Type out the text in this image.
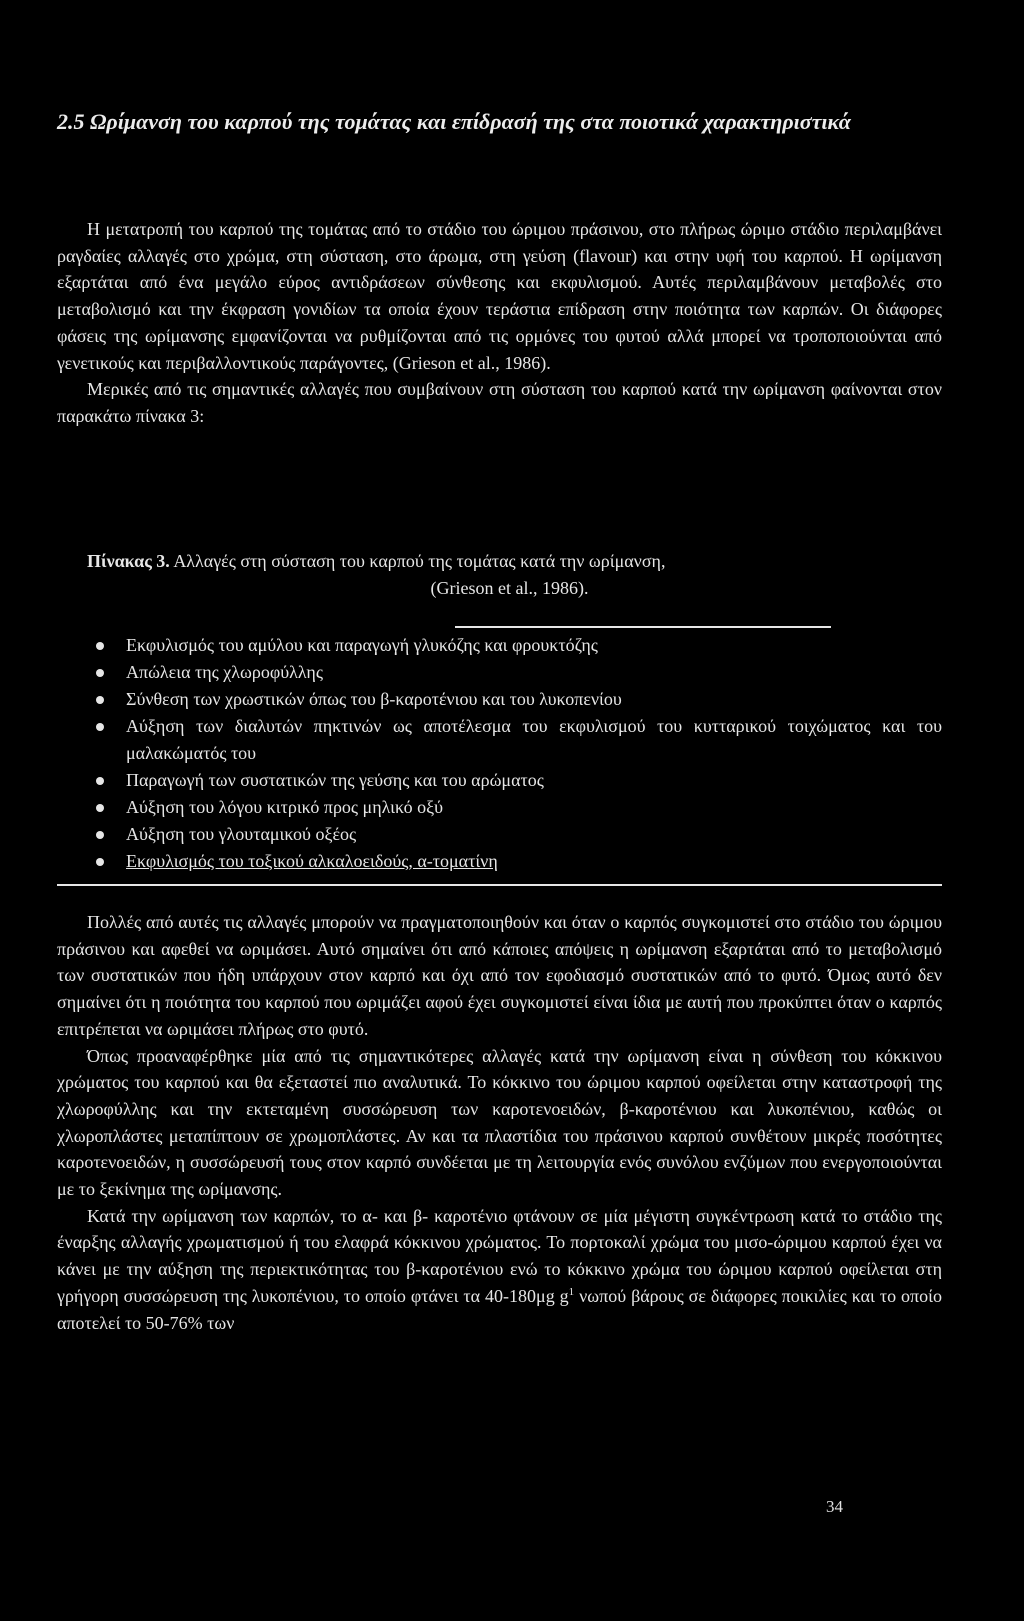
2.5 Ωρίμανση του καρπού της τομάτας και επίδρασή της στα ποιοτικά χαρακτηριστικά

Η μετατροπή του καρπού της τομάτας από το στάδιο του ώριμου πράσινου, στο πλήρως ώριμο στάδιο περιλαμβάνει ραγδαίες αλλαγές στο χρώμα, στη σύσταση, στο άρωμα, στη γεύση (flavour) και στην υφή του καρπού. Η ωρίμανση εξαρτάται από ένα μεγάλο εύρος αντιδράσεων σύνθεσης και εκφυλισμού. Αυτές περιλαμβάνουν μεταβολές στο μεταβολισμό και την έκφραση γονιδίων τα οποία έχουν τεράστια επίδραση στην ποιότητα των καρπών. Οι διάφορες φάσεις της ωρίμανσης εμφανίζονται να ρυθμίζονται από τις ορμόνες του φυτού αλλά μπορεί να τροποποιούνται από γενετικούς και περιβαλλοντικούς παράγοντες, (Grieson et al., 1986).

Μερικές από τις σημαντικές αλλαγές που συμβαίνουν στη σύσταση του καρπού κατά την ωρίμανση φαίνονται στον παρακάτω πίνακα 3:

Πίνακας 3. Αλλαγές στη σύσταση του καρπού της τομάτας κατά την ωρίμανση,
(Grieson et al., 1986).
Εκφυλισμός του αμύλου και παραγωγή γλυκόζης και φρουκτόζης
Απώλεια της χλωροφύλλης
Σύνθεση των χρωστικών όπως του β-καροτένιου και του λυκοπενίου
Αύξηση των διαλυτών πηκτινών ως αποτέλεσμα του εκφυλισμού του κυτταρικού τοιχώματος και του μαλακώματός του
Παραγωγή των συστατικών της γεύσης και του αρώματος
Αύξηση του λόγου κιτρικό προς μηλικό οξύ
Αύξηση του γλουταμικού οξέος
Εκφυλισμός του τοξικού αλκαλοειδούς, α-τοματίνη

Πολλές από αυτές τις αλλαγές μπορούν να πραγματοποιηθούν και όταν ο καρπός συγκομιστεί στο στάδιο του ώριμου πράσινου και αφεθεί να ωριμάσει. Αυτό σημαίνει ότι από κάποιες απόψεις η ωρίμανση εξαρτάται από το μεταβολισμό των συστατικών που ήδη υπάρχουν στον καρπό και όχι από τον εφοδιασμό συστατικών από το φυτό. Όμως αυτό δεν σημαίνει ότι η ποιότητα του καρπού που ωριμάζει αφού έχει συγκομιστεί είναι ίδια με αυτή που προκύπτει όταν ο καρπός επιτρέπεται να ωριμάσει πλήρως στο φυτό.

Όπως προαναφέρθηκε μία από τις σημαντικότερες αλλαγές κατά την ωρίμανση είναι η σύνθεση του κόκκινου χρώματος του καρπού και θα εξεταστεί πιο αναλυτικά. Το κόκκινο του ώριμου καρπού οφείλεται στην καταστροφή της χλωροφύλλης και την εκτεταμένη συσσώρευση των καροτενοειδών, β-καροτένιου και λυκοπένιου, καθώς οι χλωροπλάστες μεταπίπτουν σε χρωμοπλάστες. Αν και τα πλαστίδια του πράσινου καρπού συνθέτουν μικρές ποσότητες καροτενοειδών, η συσσώρευσή τους στον καρπό συνδέεται με τη λειτουργία ενός συνόλου ενζύμων που ενεργοποιούνται με το ξεκίνημα της ωρίμανσης.

Κατά την ωρίμανση των καρπών, το α- και β- καροτένιο φτάνουν σε μία μέγιστη συγκέντρωση κατά το στάδιο της έναρξης αλλαγής χρωματισμού ή του ελαφρά κόκκινου χρώματος. Το πορτοκαλί χρώμα του μισο-ώριμου καρπού έχει να κάνει με την αύξηση της περιεκτικότητας του β-καροτένιου ενώ το κόκκινο χρώμα του ώριμου καρπού οφείλεται στη γρήγορη συσσώρευση της λυκοπένιου, το οποίο φτάνει τα 40-180μg $g^1$ νωπού βάρους σε διάφορες ποικιλίες και το οποίο αποτελεί το 50-76% των

34
